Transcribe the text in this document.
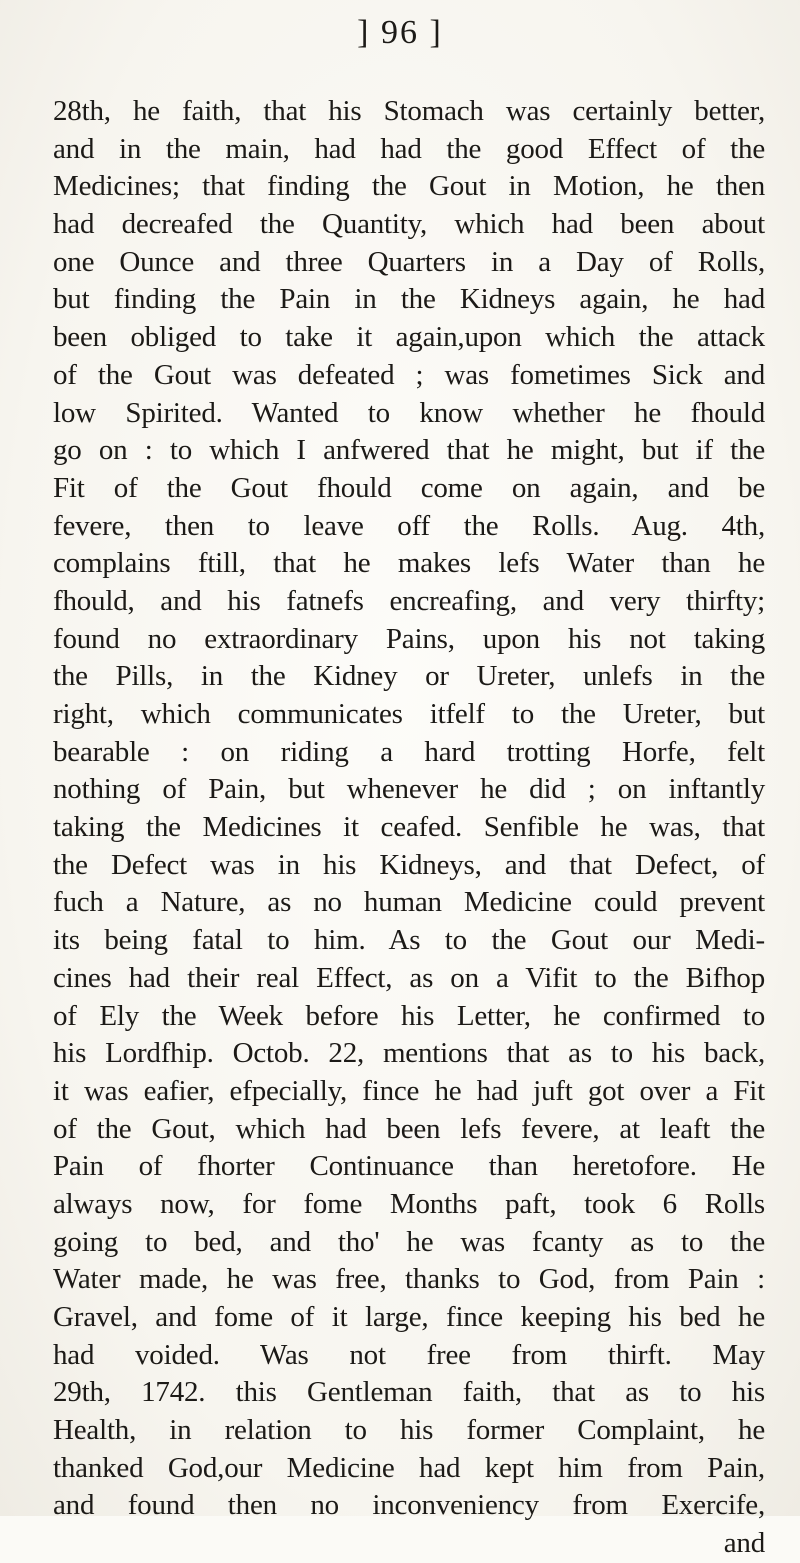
] 96 ]
28th, he faith, that his Stomach was certainly better,
and in the main, had had the good Effect of the
Medicines; that finding the Gout in Motion, he then
had decreafed the Quantity, which had been about
one Ounce and three Quarters in a Day of Rolls,
but finding the Pain in the Kidneys again, he had
been obliged to take it again,upon which the attack
of the Gout was defeated ; was fometimes Sick and
low Spirited. Wanted to know whether he fhould
go on : to which I anfwered that he might, but if the
Fit of the Gout fhould come on again, and be
fevere, then to leave off the Rolls. Aug. 4th,
complains ftill, that he makes lefs Water than he
fhould, and his fatnefs encreafing, and very thirfty;
found no extraordinary Pains, upon his not taking
the Pills, in the Kidney or Ureter, unlefs in the
right, which communicates itfelf to the Ureter, but
bearable : on riding a hard trotting Horfe, felt
nothing of Pain, but whenever he did ; on inftantly
taking the Medicines it ceafed. Senfible he was, that
the Defect was in his Kidneys, and that Defect, of
fuch a Nature, as no human Medicine could prevent
its being fatal to him. As to the Gout our Medi-
cines had their real Effect, as on a Vifit to the Bifhop
of Ely the Week before his Letter, he confirmed to
his Lordfhip. Octob. 22, mentions that as to his back,
it was eafier, efpecially, fince he had juft got over a Fit
of the Gout, which had been lefs fevere, at leaft the
Pain of fhorter Continuance than heretofore. He
always now, for fome Months paft, took 6 Rolls
going to bed, and tho' he was fcanty as to the
Water made, he was free, thanks to God, from Pain :
Gravel, and fome of it large, fince keeping his bed he
had voided. Was not free from thirft. May
29th, 1742. this Gentleman faith, that as to his
Health, in relation to his former Complaint, he
thanked God,our Medicine had kept him from Pain,
and found then no inconveniency from Exercife,
and
